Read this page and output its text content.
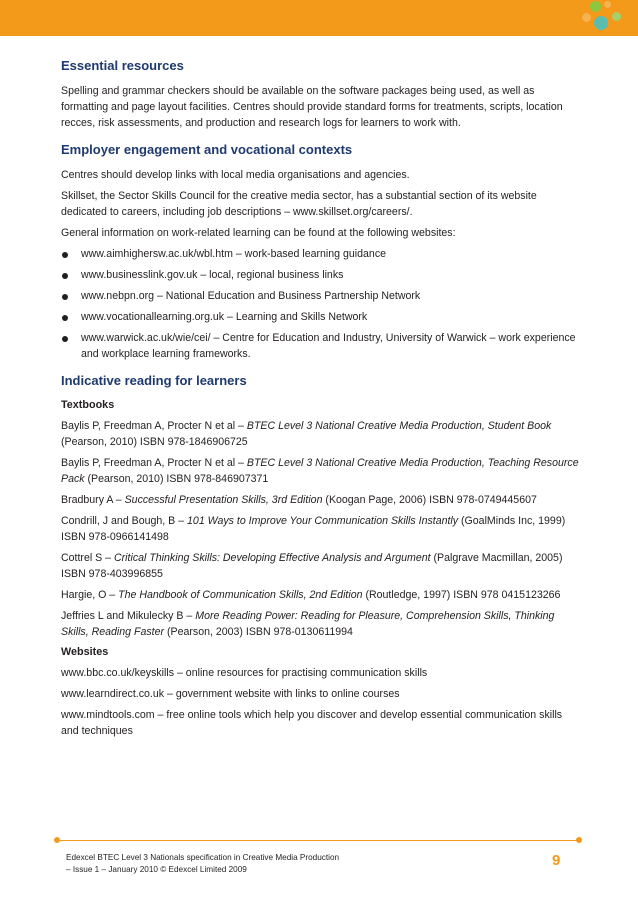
Essential resources

Spelling and grammar checkers should be available on the software packages being used, as well as formatting and page layout facilities. Centres should provide standard forms for treatments, scripts, location recces, risk assessments, and production and research logs for learners to work with.

Employer engagement and vocational contexts

Centres should develop links with local media organisations and agencies.

Skillset, the Sector Skills Council for the creative media sector, has a substantial section of its website dedicated to careers, including job descriptions – www.skillset.org/careers/.

General information on work-related learning can be found at the following websites:

www.aimhighersw.ac.uk/wbl.htm – work-based learning guidance
www.businesslink.gov.uk – local, regional business links
www.nebpn.org – National Education and Business Partnership Network
www.vocationallearning.org.uk – Learning and Skills Network
www.warwick.ac.uk/wie/cei/ – Centre for Education and Industry, University of Warwick – work experience and workplace learning frameworks.
Indicative reading for learners
Textbooks

Baylis P, Freedman A, Procter N et al – BTEC Level 3 National Creative Media Production, Student Book (Pearson, 2010) ISBN 978-1846906725

Baylis P, Freedman A, Procter N et al – BTEC Level 3 National Creative Media Production, Teaching Resource Pack (Pearson, 2010) ISBN 978-846907371

Bradbury A – Successful Presentation Skills, 3rd Edition (Koogan Page, 2006) ISBN 978-0749445607

Condrill, J and Bough, B – 101 Ways to Improve Your Communication Skills Instantly (GoalMinds Inc, 1999) ISBN 978-0966141498

Cottrel S – Critical Thinking Skills: Developing Effective Analysis and Argument (Palgrave Macmillan, 2005) ISBN 978-403996855

Hargie, O – The Handbook of Communication Skills, 2nd Edition (Routledge, 1997) ISBN 978 0415123266

Jeffries L and Mikulecky B – More Reading Power: Reading for Pleasure, Comprehension Skills, Thinking Skills, Reading Faster (Pearson, 2003) ISBN 978-0130611994

Websites

www.bbc.co.uk/keyskills – online resources for practising communication skills

www.learndirect.co.uk – government website with links to online courses

www.mindtools.com – free online tools which help you discover and develop essential communication skills and techniques

Edexcel BTEC Level 3 Nationals specification in Creative Media Production
– Issue 1 – January 2010 © Edexcel Limited 2009
9
